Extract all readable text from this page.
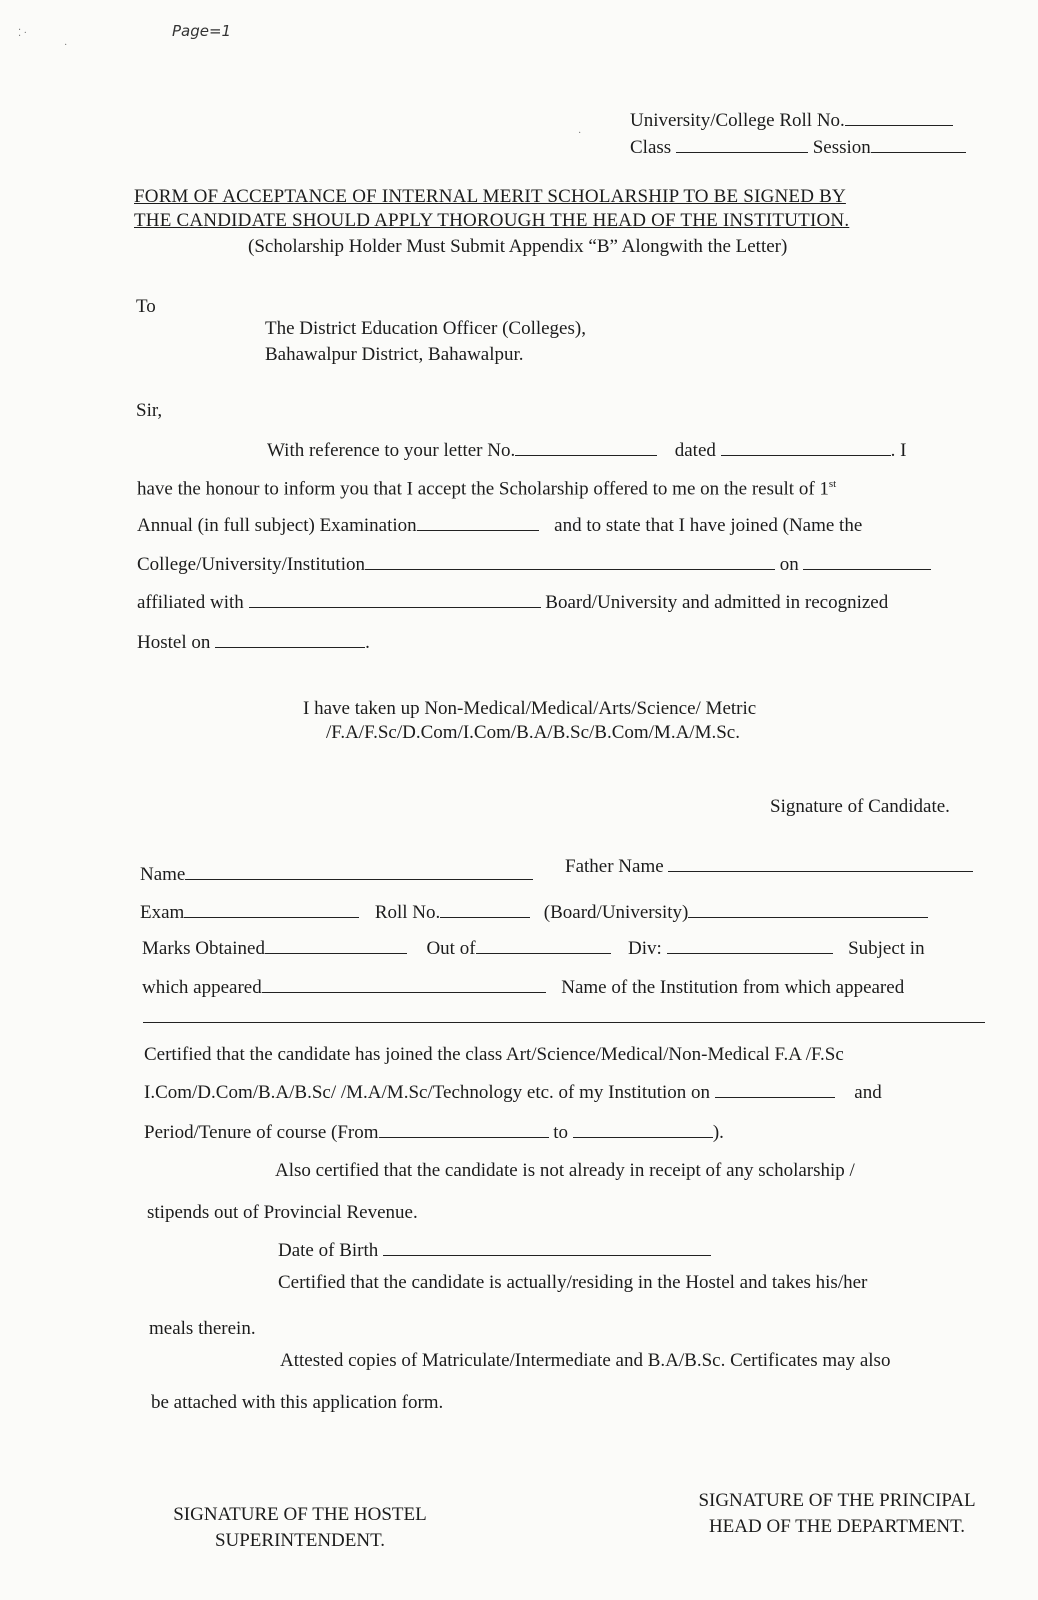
Page=1
⁚ ·
·
·
University/College Roll No.
Class	Session
FORM OF ACCEPTANCE OF INTERNAL MERIT SCHOLARSHIP TO BE SIGNED BY
THE CANDIDATE SHOULD APPLY THOROUGH THE HEAD OF THE INSTITUTION.
(Scholarship Holder Must Submit Appendix “B” Alongwith the Letter)
To
The District Education Officer (Colleges),
Bahawalpur District, Bahawalpur.
Sir,
With reference to your letter No.	dated	. I
have the honour to inform you that I accept the Scholarship offered to me on the result of 1st
Annual (in full subject) Examination	and to state that I have joined (Name the
College/University/Institution	on
affiliated with	Board/University and admitted in recognized
Hostel on	.
I have taken up Non-Medical/Medical/Arts/Science/ Metric
/F.A/F.Sc/D.Com/I.Com/B.A/B.Sc/B.Com/M.A/M.Sc.
Signature of Candidate.
Name	Father Name
Exam	Roll No.	(Board/University)
Marks Obtained	Out of	Div:	Subject in
which appeared	Name of the Institution from which appeared
Certified that the candidate has joined the class Art/Science/Medical/Non-Medical F.A /F.Sc
I.Com/D.Com/B.A/B.Sc/ /M.A/M.Sc/Technology etc. of my Institution on	and
Period/Tenure of course (From	to	).
Also certified that the candidate is not already in receipt of any scholarship /
stipends out of Provincial Revenue.
Date of Birth
Certified that the candidate is actually/residing in the Hostel and takes his/her
meals therein.
Attested copies of Matriculate/Intermediate and B.A/B.Sc. Certificates may also
be attached with this application form.
SIGNATURE OF THE HOSTEL
SUPERINTENDENT.
SIGNATURE OF THE PRINCIPAL
HEAD OF THE DEPARTMENT.
